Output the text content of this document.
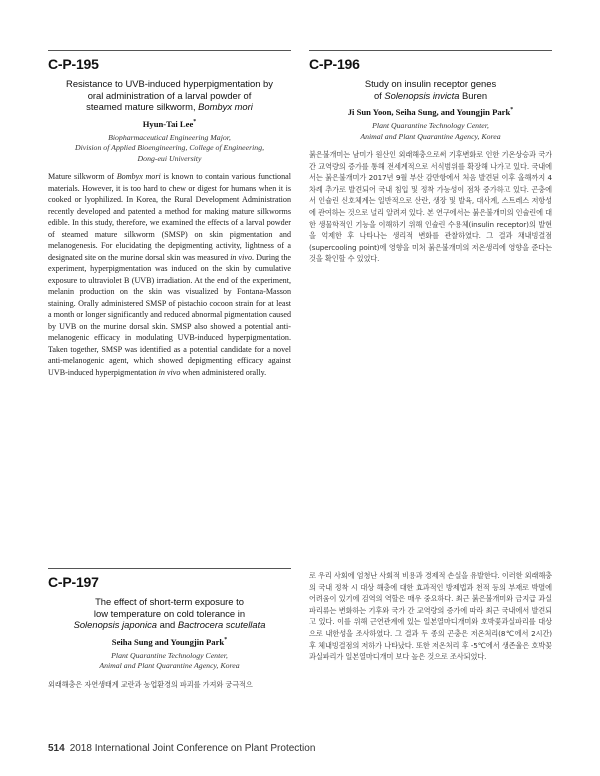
C-P-195
Resistance to UVB-induced hyperpigmentation by
oral administration of a larval powder of
steamed mature silkworm, Bombyx mori
Hyun-Tai Lee*
Biopharmaceutical Engineering Major,
Division of Applied Bioengineering, College of Engineering,
Dong-eui University

Mature silkworm of Bombyx mori is known to contain various functional materials. However, it is too hard to chew or digest for humans when it is cooked or lyophilized. In Korea, the Rural Development Administration recently developed and patented a method for making mature silkworms edible. In this study, therefore, we examined the effects of a larval powder of steamed mature silkworm (SMSP) on skin pigmentation and melanogenesis. For elucidating the depigmenting activity, lightness of a designated site on the murine dorsal skin was measured in vivo. During the experiment, hyperpigmentation was induced on the skin by cumulative exposure to ultraviolet B (UVB) irradiation. At the end of the experiment, melanin production on the skin was visualized by Fontana-Masson staining. Orally administered SMSP of pistachio cocoon strain for at least a month or longer significantly and reduced abnormal pigmentation caused by UVB on the murine dorsal skin. SMSP also showed a potential anti-melanogenic efficacy in modulating UVB-induced hyperpigmentation. Taken together, SMSP was identified as a potential candidate for a novel anti-melanogenic agent, which showed depigmenting efficacy against UVB-induced hyperpigmentation in vivo when administered orally.

C-P-196
Study on insulin receptor genes
of Solenopsis invicta Buren
Ji Sun Yoon, Seiha Sung, and Youngjin Park*
Plant Quarantine Technology Center,
Animal and Plant Quarantine Agency, Korea

붉은불개미는 남미가 원산인 외래해충으로써 기후변화로 인한 기온상승과 국가간 교역량의 증가를 통해 전세계적으로 서식범위를 확장해 나가고 있다. 국내에서는 붉은불개미가 2017년 9월 부산 감만항에서 처음 발견된 이후 올해까지 4차례 추가로 발견되어 국내 침입 및 정착 가능성이 점차 증가하고 있다. 곤충에서 인슐린 신호체계는 일반적으로 산란, 생장 및 발육, 대사계, 스트레스 저항성에 관여하는 것으로 널리 알려져 있다. 본 연구에서는 붉은불개미의 인슐린에 대한 생물학적인 기능을 이해하기 위해 인슐린 수용체(insulin receptor)의 발현을 억제한 후 나타나는 생리적 변화를 관찰하였다. 그 결과 채내빙결점(supercooling point)에 영향을 미쳐 붉은불개미의 저온생리에 영향을 준다는 것을 확인할 수 있었다.

C-P-197
The effect of short-term exposure to
low temperature on cold tolerance in
Solenopsis japonica and Bactrocera scutellata
Seiha Sung and Youngjin Park*
Plant Quarantine Technology Center,
Animal and Plant Quarantine Agency, Korea

외래해충은 자연생태계 교란과 농업환경의 파괴를 가져와 궁극적으

로 우리 사회에 엄청난 사회적 비용과 경제적 손실을 유발한다. 이러한 외래해충의 국내 정착 시 대상 해충에 대한 효과적인 방제법과 천적 등의 부재로 박멸에 어려움이 있기에 검역의 역할은 매우 중요하다. 최근 붉은불개미와 금지급 과실파리류는 변화하는 기후와 국가 간 교역량의 증가에 따라 최근 국내에서 발견되고 있다. 이를 위해 근연관계에 있는 일본열마디개미와 호박꽃과실파리를 대상으로 내한성을 조사하였다. 그 결과 두 종의 곤충은 저온처리(8℃에서 2시간) 후 체내빙결점의 저하가 나타났다. 또한 저온처리 후 -5℃에서 생존율은 호박꽃과실파리가 일본열마디개미 보다 높은 것으로 조사되었다.

514 2018 International Joint Conference on Plant Protection
